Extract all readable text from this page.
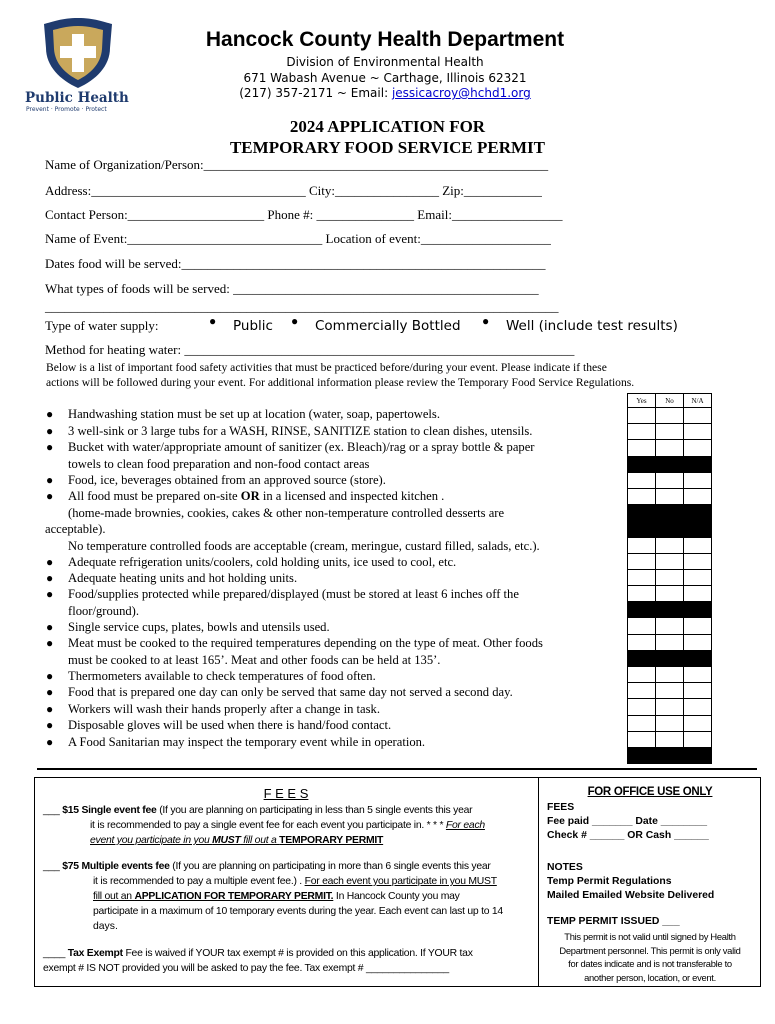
Public Health
Prevent · Promote · Protect
Hancock County Health Department
Division of Environmental Health
671 Wabash Avenue ~ Carthage, Illinois 62321
(217) 357-2171 ~ Email: jessicacroy@hchd1.org
2024 APPLICATION FOR
TEMPORARY FOOD SERVICE PERMIT
Name of Organization/Person:_____________________________________________________
Address:_________________________________ City:________________ Zip:____________
Contact Person:_____________________ Phone #: _______________ Email:_________________
Name of Event:______________________________ Location of event:____________________
Dates food will be served:________________________________________________________
What types of foods will be served: _______________________________________________
_______________________________________________________________________________
Type of water supply:	● Public ● Commercially Bottled	● Well (include test results)
Method for heating water: ____________________________________________________________
Below is a list of important food safety activities that must be practiced before/during your event. Please indicate if these actions will be followed during your event. For additional information please review the Temporary Food Service Regulations.
Yes	No	N/A

● Handwashing station must be set up at location (water, soap, papertowels.
● 3 well-sink or 3 large tubs for a WASH, RINSE, SANITIZE station to clean dishes, utensils.
● Bucket with water/appropriate amount of sanitizer (ex. Bleach)/rag or a spray bottle & paper
towels to clean food preparation and non-food contact areas
● Food, ice, beverages obtained from an approved source (store).
● All food must be prepared on-site OR in a licensed and inspected kitchen .
(home-made brownies, cookies, cakes & other non-temperature controlled desserts are
acceptable).
No temperature controlled foods are acceptable (cream, meringue, custard filled, salads, etc.).
● Adequate refrigeration units/coolers, cold holding units, ice used to cool, etc.
● Adequate heating units and hot holding units.
● Food/supplies protected while prepared/displayed (must be stored at least 6 inches off the
floor/ground).
● Single service cups, plates, bowls and utensils used.
● Meat must be cooked to the required temperatures depending on the type of meat. Other foods
must be cooked to at least 165’. Meat and other foods can be held at 135’.
● Thermometers available to check temperatures of food often.
● Food that is prepared one day can only be served that same day not served a second day.
● Workers will wash their hands properly after a change in task.
● Disposable gloves will be used when there is hand/food contact.
● A Food Sanitarian may inspect the temporary event while in operation.
F E E S
___ $15 Single event fee (If you are planning on participating in less than 5 single events this year
it is recommended to pay a single event fee for each event you participate in. * * * For each
event you participate in you MUST fill out a TEMPORARY PERMIT
___ $75 Multiple events fee (If you are planning on participating in more than 6 single events this year
it is recommended to pay a multiple event fee.) . For each event you participate in you MUST
fill out an APPLICATION FOR TEMPORARY PERMIT. In Hancock County you may
participate in a maximum of 10 temporary events during the year. Each event can last up to 14
days.
____ Tax Exempt Fee is waived if YOUR tax exempt # is provided on this application. If YOUR tax
exempt # IS NOT provided you will be asked to pay the fee. Tax exempt # _______________
FOR OFFICE USE ONLY
FEES
Fee paid _______ Date ________
Check # ______ OR Cash ______
NOTES
Temp Permit Regulations
Mailed Emailed Website Delivered
TEMP PERMIT ISSUED ___
This permit is not valid until signed by Health
Department personnel. This permit is only valid
for dates indicate and is not transferable to
another person, location, or event.
